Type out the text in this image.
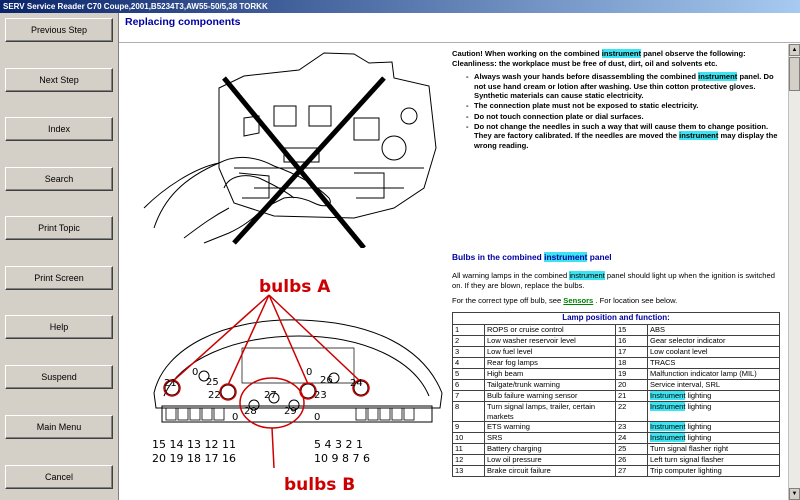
SERV Service Reader C70 Coupe,2001,B5234T3,AW55-50/5,38 TORKK
Previous Step
Next Step
Index
Search
Print Topic
Print Screen
Help
Suspend
Main Menu
Cancel
Replacing components
bulbs A
bulbs B
21	25
0
22	27
28	29
26
0
23
24
0	0
15 14 13 12 11
20 19 18 17 16
5 4 3 2 1
10 9 8 7 6
Caution! When working on the combined instrument panel observe the following:
Cleanliness: the workplace must be free of dust, dirt, oil and solvents etc.
- Always wash your hands before disassembling the combined instrument panel. Do not use hand cream or lotion after washing. Use thin cotton protective gloves. Synthetic materials can cause static electricity.
- The connection plate must not be exposed to static electricity.
- Do not touch connection plate or dial surfaces.
- Do not change the needles in such a way that will cause them to change position. They are factory calibrated. If the needles are moved the instrument may display the wrong reading.
Bulbs in the combined instrument panel
All warning lamps in the combined instrument panel should light up when the ignition is switched on. If they are blown, replace the bulbs.
For the correct type off bulb, see Sensors . For location see below.
Lamp position and function:			
1	ROPS or cruise control	15	ABS
2	Low washer reservoir level	16	Gear selector indicator
3	Low fuel level	17	Low coolant level
4	Rear fog lamps	18	TRACS
5	High beam	19	Malfunction indicator lamp (MIL)
6	Tailgate/trunk warning	20	Service interval, SRL
7	Bulb failure warning sensor	21	Instrument lighting
8	Turn signal lamps, trailer, certain markets	22	Instrument lighting
9	ETS warning	23	Instrument lighting
10	SRS	24	Instrument lighting
11	Battery charging	25	Turn signal flasher right
12	Low oil pressure	26	Left turn signal flasher
13	Brake circuit failure	27	Trip computer lighting
▲
▼
